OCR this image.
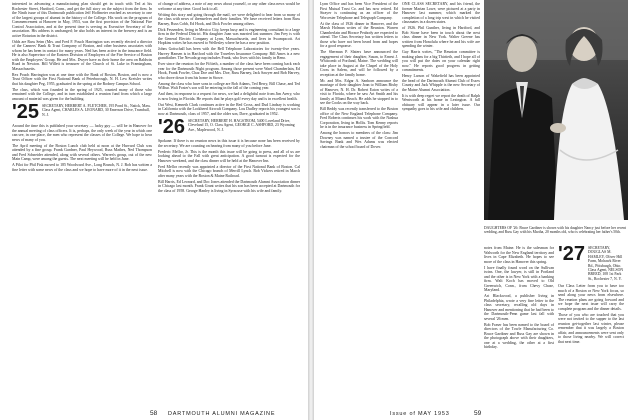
interested in advancing a manufacturing plan should get in touch with Ted at his Rochester Street, Hartford, Conn., and get the full story on the subject from the firm. In the Ninth issue of this Dartmouth publication Jeff Hoffmeier reached as secretary to one of the largest groups of alumni in the history of the College. His work on the program of Commencement at Hanover in May, 1953, was the first provision of the National Fire Control Association, and at the present time is serving as Executive Secretary of the association. His address is unchanged; he also holds an interest in the brewery and is an active Rotarian in the district.

Odds are Russ Seim (Mrs. and Fred F. Pouch Harrington was recently elected a director of the Canners' Bank & Trust Company of Boston, and other business associates with whom he has been in contact for many years. Ned has been active in the insurance field. He is also Supervisor of the Eastern Division of Employers of the Fire Service of Boston with the Employers' Group. He and Mrs. Dwyer have as their home the area on Baldwin Road in Newton. Bill Willett is treasurer of the Church of St. Luke in Framingham, Massachusetts.

Rex Pouch Harrington was at one time with the Bank of Boston, Boston, and is now a Trust Officer with the First National Bank of Peterborough, N. H. Lew Kreisler writes that his daughter Peg, 1955, graduated in the spring at the Rodney Campus School.

The class, which was founded in the spring of 1925, counted many of those who remained with the College, and in turn established a reunion fund from which a large amount of material was given for the building.

'25 SECRETARY, HERBERT A. FLETCHER, 195 Pond St., Natick, Mass. Class Agent, CHARLES A. LEONARD, 30 Emerson Drive, Trumbull, N. J.

Around the time this is published your secretary — lucky guy — will be in Hanover for the annual meeting of class officers. It is, perhaps, the only week of the year in which one can see, in one place, the men who represent the classes of the College. We hope to hear news of many of you.

The April meeting of the Boston Lunch club held at noon at the Harvard Club was attended by a fine group. Frank Gardner, Paul Heywood, Russ Mathes, Ned Thompson and Fred Schneider attended, along with several others. Warren's group, out of the new Main Camp, were among the guests. The next meeting will be held in June.

A Pilot for Phil Fisk moved to 185 Woodward Ave., Long Branch, N. J. Bob has written a fine letter with some news of the class and we hope to have more of it in the next issue.

of change of address, a note of any news about yourself, or any other class news would be welcome at any time. Good luck to all.

Writing this story and going through the mail, we were delighted to hear from so many of the class with news of themselves and their families. We have received letters from Russ Barney, Russ Cobb, Ed Hook, and Dick Fowler among others.

Dick Fessenden, living in Mexico City, keeps busy and is engineering consultant to a large firm in the Federal District. His daughter Joan was married last summer. Jim Frey is with the General Electric Company at Lynn, Massachusetts, and lives in Swampscott. Art Hopkins writes he has moved to Wellesley where he has a new position.

Johns Gottschall has been with the Bell Telephone Laboratories for twenty-five years. Harvey Hansen is in Hartford with the Travelers Insurance Company. Bill Ames is a new grandfather. The Nevada group includes Frank, who lives with his family in Reno.

Ever since the reunion for the Fiftieth, a number of the class have been coming back each year for the Dartmouth Night program. Among those present were Ward Chamberlain, Ed Hook, Frank Fowler, Chaz Doe and Mrs. Doe, Russ Barney, Jack Sawyer and Bob Harvey, who drove down from his home in Stowe.

Among the class who have sons in college are Bob Adams, Ted Berry, Bill Chase, and Ted Wilbur. Walt Foster's son will be entering in the fall of the coming year.

And then, in response to a request for news, we had a delightful note from Jim Avery, who is now living in Florida. He reports that he plays golf every day and is in excellent health.

Out West, Kenneth Clark continues active in the Red Cross, and Dud Lindsay is working in California with the Lockheed Aircraft Company. Lou Dudley reports his youngest son is now at Dartmouth, class of 1957, and the older son, Dave, graduated in 1952.

'26 SECRETARY, HERBERT H. HAGSTROM, 5400 Loveland Drive, Cleveland 15, O. Class Agent, GEORGE C. ASHFORD, 23 Wyoming Ave., Maplewood, N. J.

Spokane. If there is no reunion news in this issue it is because none has been received by the secretary. We are counting on hearing from many of you before June.

Frederic Mellor, Jr. This is the month this issue will be going to press, and all of us are looking ahead to the Fall with great anticipation. A good turnout is expected for the Hanover weekend, and the class dinner will be held at the Hanover Inn.

Fred Mellor recently was appointed a director of the First National Bank of Boston. Cal Mitchell is now with the Chicago branch of Merrill Lynch. Bob Vickers retired in March after many years with the Boston & Maine Railroad.

Bill Harris, Ed Leonard, and Doc Jones attended the Dartmouth Alumni Association dinner in Chicago last month. Frank Grant writes that his son has been accepted at Dartmouth for the class of 1958. George Hanley is living in Syracuse with his wife and family.

58 DARTMOUTH ALUMNI MAGAZINE

Lynn Office and has been Vice President of the First Mutual Trust Co. and has now retired. Ed Strayer is continuing as an officer of the Worcester Telephone and Telegraph Company.

At the class of 1926 dinner in Hanover, and the Marsh Holman writes of the Reunion. Warren Chamberlain and Horace Peabody are expected to attend. The Class Secretary has written letters to those who have not been heard from and hopes for a good response.

The Sherman P. Slaters have announced the engagement of their daughter, Susan, to Ernest J. Whitcomb of Portland, Maine. The wedding will take place in August at the Chapel of the Holy Cross in Salem, and will be followed by a reception at the family home.

Mr. and Mrs. Edgar A. Sanborn announce the marriage of their daughter Joan to William Bixby of Hanover, N. H. Dr. Robert Eaton writes of a visit to Florida, where he saw Art Smith and his family at Miami Beach. He adds he stopped in to see the Cooks on the way back.

Bill Reddy was recently transferred to the Boston office of the New England Telephone Company. Fred Roberts continues his work with the Nashua Corporation, living in Hollis. Tom Kenny reports he is in the insurance business in Springfield.

Among the honors to members of the class: Jim Downey was named a trustee of the Concord Savings Bank and Wes Adams was elected chairman of the school board of Dover.

ONE CLASS SECRETARY, and his friend, the former Marian Lowe, were pictured at a party in Hanover last summer, which marked the completion of a long trip west in which he visited classmates in a dozen states.

of 1926. Phil Gunther, living in Hartford, and Bob Stone have been in touch about the next class dinner in New York. Walter Greene has written from Honolulu where he and his wife are spending the winter.

Guy Harris writes, "The Reunion committee is making plans for a big Thirtieth, and I hope all of you will put the dates on your calendar right now." He reports good progress in getting commitments.

Henry Larson of Wakefield has been appointed the head of the Dartmouth Alumni Club of Essex County and Jack Whipple is the new Secretary of the Maine Alumni Association.

It is with deep regret we report the death of Ralph Wentworth at his home in Lexington. A full obituary will appear in a later issue. Our sympathy goes to his wife and children.

DAUGHTERS OF '26: Bruce Gardiner is shown with his daughter Nancy just before her recent wedding, and Russ Gay with his Martha, 20 months old, who is celebrating her father's 50th.

notes from Maine. He is the salesman for Walworth for the New England territory and lives in Cape Elizabeth. He hopes to see more of the class in Hanover this spring.

I have finally found word on the Sullivan twins. One, the lawyer, is still in Portland and the other is in New York with a banking firm. Walt Koch has moved to Old Greenwich, Conn., from Chevy Chase, Maryland.

Art Blackwood, a publisher living in Philadelphia, wrote a very fine letter to the class secretary, recalling old days in Hanover and mentioning that he had been to the Dartmouth-Penn game last fall with several '26 men.

Bob Fraser has been named to the board of directors of the Towle Manufacturing Co. Bruce Gardiner and Russ Gay are shown in the photograph above with their daughters, one at a wedding, the other at a first birthday.

'27 SECRETARY, DOUGLAS M. HAMLEY, Oliver Hill Farm, Mohawk River Rd., Pittsburgh, Ohio. Class Agent, NELSON BREED, 108 1st Park St., Rochester 7, N. Y.

Our Class Letter from you to have too much of a Boston or New York focus, so send along your news from elsewhere. The reunion plans are going forward and we hope the next issue will carry the complete program and the dinner details.

Those of you who are touched that you were not invited to the supper to the last reunion get-together last winter, please remember that it was largely a Boston affair, and announcements were sent only to those living nearby. We will correct that next time.

Issue of MAY 1953	59
